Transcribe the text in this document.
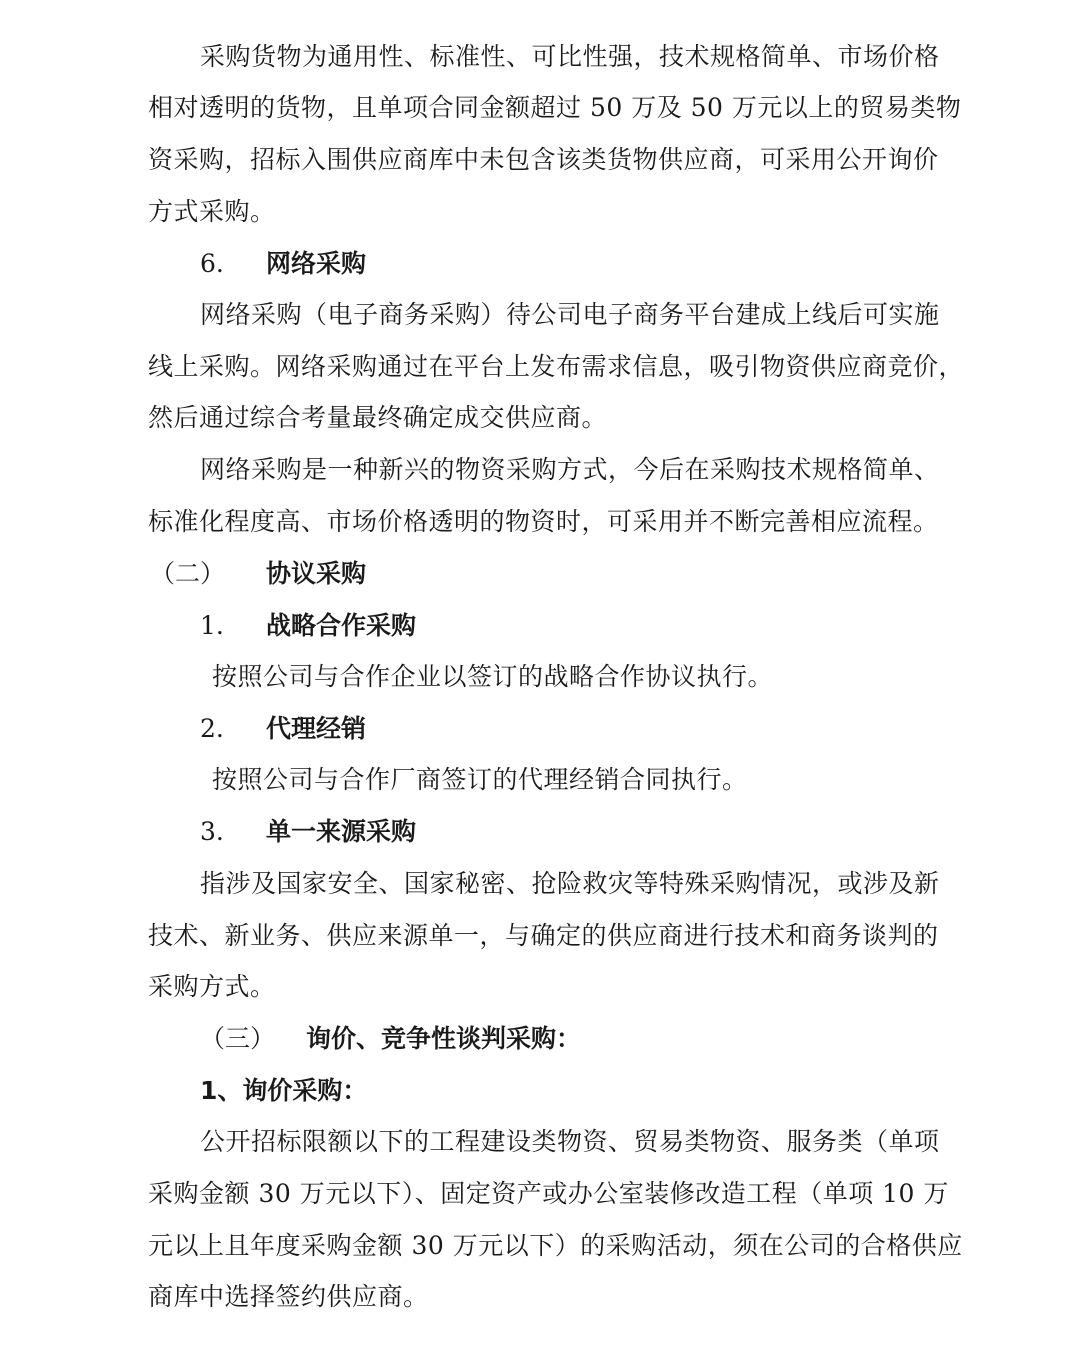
采购货物为通用性、标准性、可比性强，技术规格简单、市场价格
相对透明的货物，且单项合同金额超过 50 万及 50 万元以上的贸易类物
资采购，招标入围供应商库中未包含该类货物供应商，可采用公开询价
方式采购。
6. 网络采购
网络采购（电子商务采购）待公司电子商务平台建成上线后可实施
线上采购。网络采购通过在平台上发布需求信息，吸引物资供应商竞价，
然后通过综合考量最终确定成交供应商。
网络采购是一种新兴的物资采购方式，今后在采购技术规格简单、
标准化程度高、市场价格透明的物资时，可采用并不断完善相应流程。
（二） 协议采购
1. 战略合作采购
按照公司与合作企业以签订的战略合作协议执行。
2. 代理经销
按照公司与合作厂商签订的代理经销合同执行。
3. 单一来源采购
指涉及国家安全、国家秘密、抢险救灾等特殊采购情况，或涉及新
技术、新业务、供应来源单一，与确定的供应商进行技术和商务谈判的
采购方式。
（三） 询价、竞争性谈判采购：
1、询价采购：
公开招标限额以下的工程建设类物资、贸易类物资、服务类（单项
采购金额 30 万元以下）、固定资产或办公室装修改造工程（单项 10 万
元以上且年度采购金额 30 万元以下）的采购活动，须在公司的合格供应
商库中选择签约供应商。
